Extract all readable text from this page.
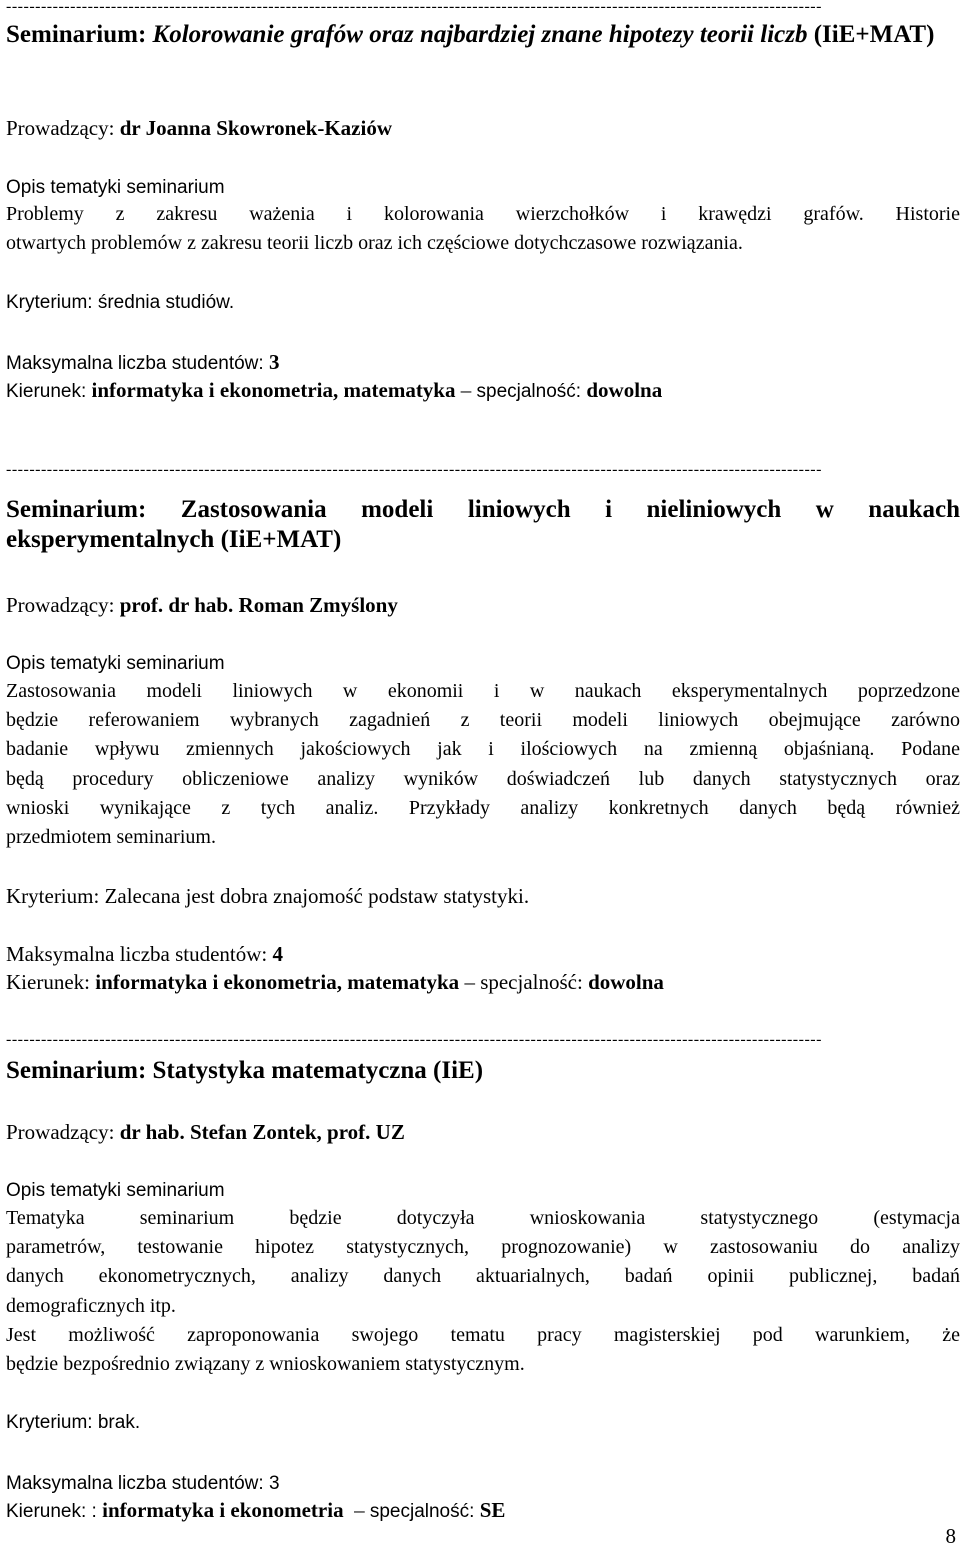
--------------------------------------------------------------------------------------------------------------------------------------------
Seminarium: Kolorowanie grafów oraz najbardziej znane hipotezy teorii liczb (IiE+MAT)
Prowadzący: dr Joanna Skowronek-Kaziów
Opis tematyki seminarium
Problemy z zakresu ważenia i kolorowania wierzchołków i krawędzi grafów. Historie
otwartych problemów z zakresu teorii liczb oraz ich częściowe dotychczasowe rozwiązania.
Kryterium: średnia studiów.
Maksymalna liczba studentów: 3
Kierunek: informatyka i ekonometria, matematyka – specjalność: dowolna
--------------------------------------------------------------------------------------------------------------------------------------------
Seminarium: Zastosowania modeli liniowych i nieliniowych w naukach eksperymentalnych (IiE+MAT)
Prowadzący: prof. dr hab. Roman Zmyślony
Opis tematyki seminarium
Zastosowania modeli liniowych w ekonomii i w naukach eksperymentalnych poprzedzone
będzie referowaniem wybranych zagadnień z teorii modeli liniowych obejmujące zarówno
badanie wpływu zmiennych jakościowych jak i ilościowych na zmienną objaśnianą. Podane
będą procedury obliczeniowe analizy wyników doświadczeń lub danych statystycznych oraz
wnioski wynikające z tych analiz. Przykłady analizy konkretnych danych będą również
przedmiotem seminarium.
Kryterium: Zalecana jest dobra znajomość podstaw statystyki.
Maksymalna liczba studentów: 4
Kierunek: informatyka i ekonometria, matematyka – specjalność: dowolna
--------------------------------------------------------------------------------------------------------------------------------------------
Seminarium: Statystyka matematyczna (IiE)
Prowadzący: dr hab. Stefan Zontek, prof. UZ
Opis tematyki seminarium
Tematyka seminarium będzie dotyczyła wnioskowania statystycznego (estymacja
parametrów, testowanie hipotez statystycznych, prognozowanie) w zastosowaniu do analizy
danych ekonometrycznych, analizy danych aktuarialnych, badań opinii publicznej, badań
demograficznych itp.
Jest możliwość zaproponowania swojego tematu pracy magisterskiej pod warunkiem, że
będzie bezpośrednio związany z wnioskowaniem statystycznym.
Kryterium: brak.
Maksymalna liczba studentów: 3
Kierunek: : informatyka i ekonometria  – specjalność: SE
8
